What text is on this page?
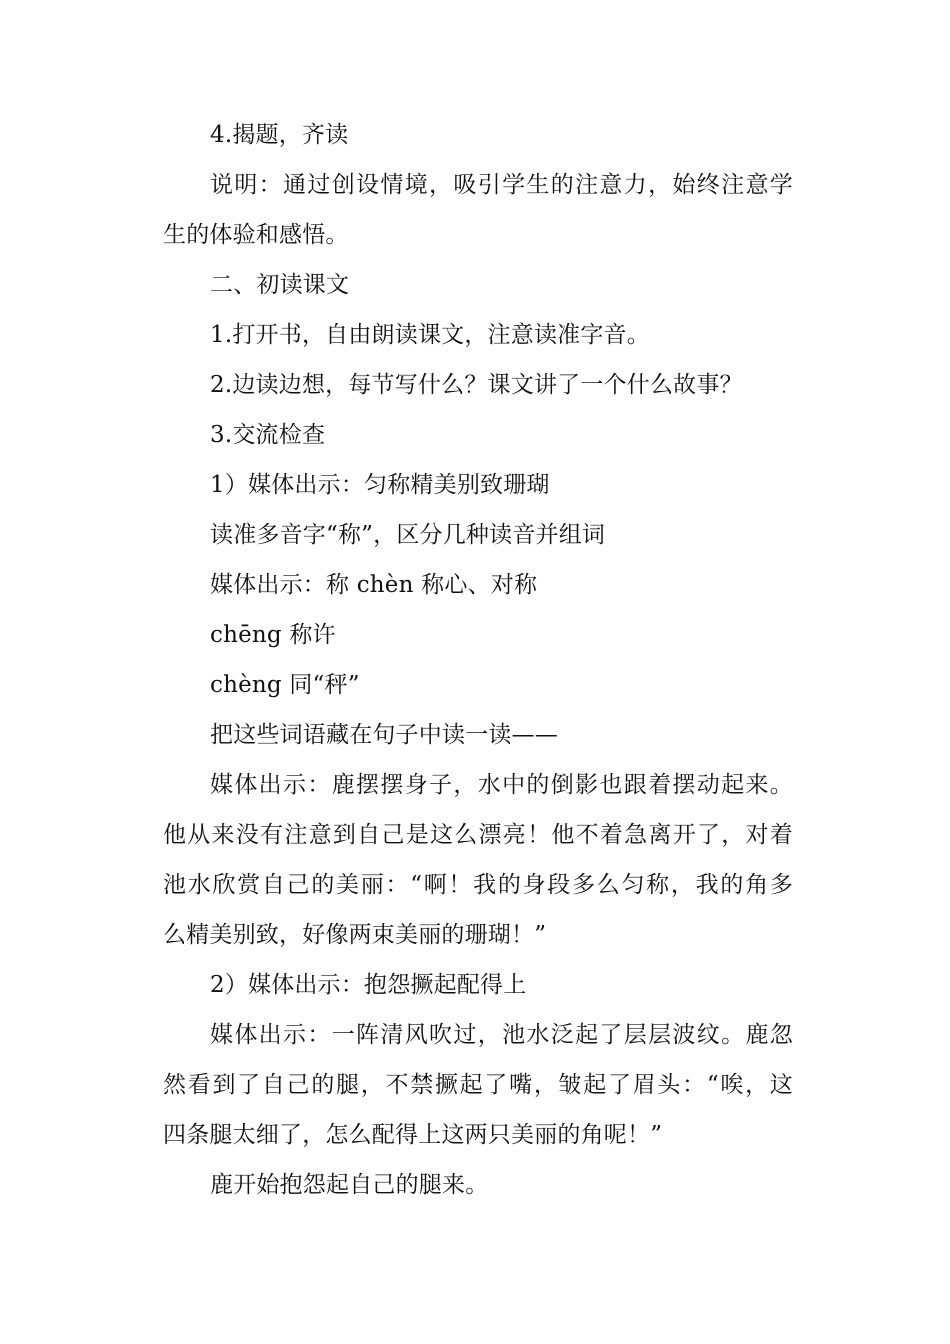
4.揭题，齐读
说明：通过创设情境，吸引学生的注意力，始终注意学
生的体验和感悟。
二、初读课文
1.打开书，自由朗读课文，注意读准字音。
2.边读边想，每节写什么？课文讲了一个什么故事？
3.交流检查
1）媒体出示：匀称精美别致珊瑚
读准多音字“称”，区分几种读音并组词
媒体出示：称 chèn 称心、对称
chēng 称许
chèng 同“秤”
把这些词语藏在句子中读一读——
媒体出示：鹿摆摆身子，水中的倒影也跟着摆动起来。
他从来没有注意到自己是这么漂亮！他不着急离开了，对着
池水欣赏自己的美丽：“啊！我的身段多么匀称，我的角多
么精美别致，好像两束美丽的珊瑚！”
2）媒体出示：抱怨撅起配得上
媒体出示：一阵清风吹过，池水泛起了层层波纹。鹿忽
然看到了自己的腿，不禁撅起了嘴，皱起了眉头：“唉，这
四条腿太细了，怎么配得上这两只美丽的角呢！”
鹿开始抱怨起自己的腿来。
